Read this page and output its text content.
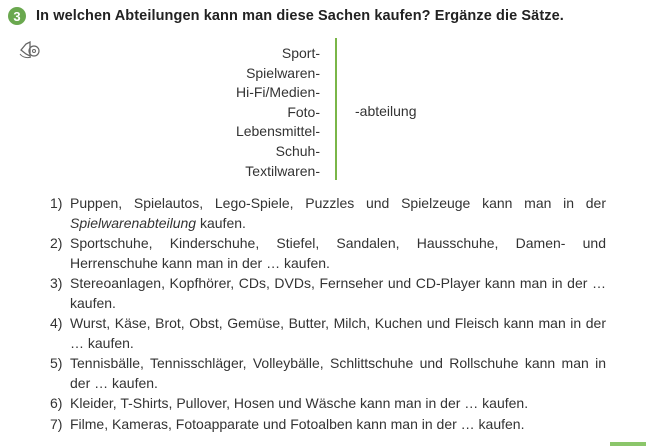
3	In welchen Abteilungen kann man diese Sachen kaufen? Ergänze die Sätze.
Sport-
Spielwaren-
Hi-Fi/Medien-
Foto-
Lebensmittel-
Schuh-
Textilwaren-
-abteilung
1) Puppen, Spielautos, Lego-Spiele, Puzzles und Spielzeuge kann man in der Spielwarenabteilung kaufen.
2) Sportschuhe, Kinderschuhe, Stiefel, Sandalen, Hausschuhe, Damen- und Herrenschuhe kann man in der … kaufen.
3) Stereoanlagen, Kopfhörer, CDs, DVDs, Fernseher und CD-Player kann man in der … kaufen.
4) Wurst, Käse, Brot, Obst, Gemüse, Butter, Milch, Kuchen und Fleisch kann man in der … kaufen.
5) Tennisbälle, Tennisschläger, Volleybälle, Schlittschuhe und Rollschuhe kann man in der … kaufen.
6) Kleider, T-Shirts, Pullover, Hosen und Wäsche kann man in der … kaufen.
7) Filme, Kameras, Fotoapparate und Fotoalben kann man in der … kaufen.
